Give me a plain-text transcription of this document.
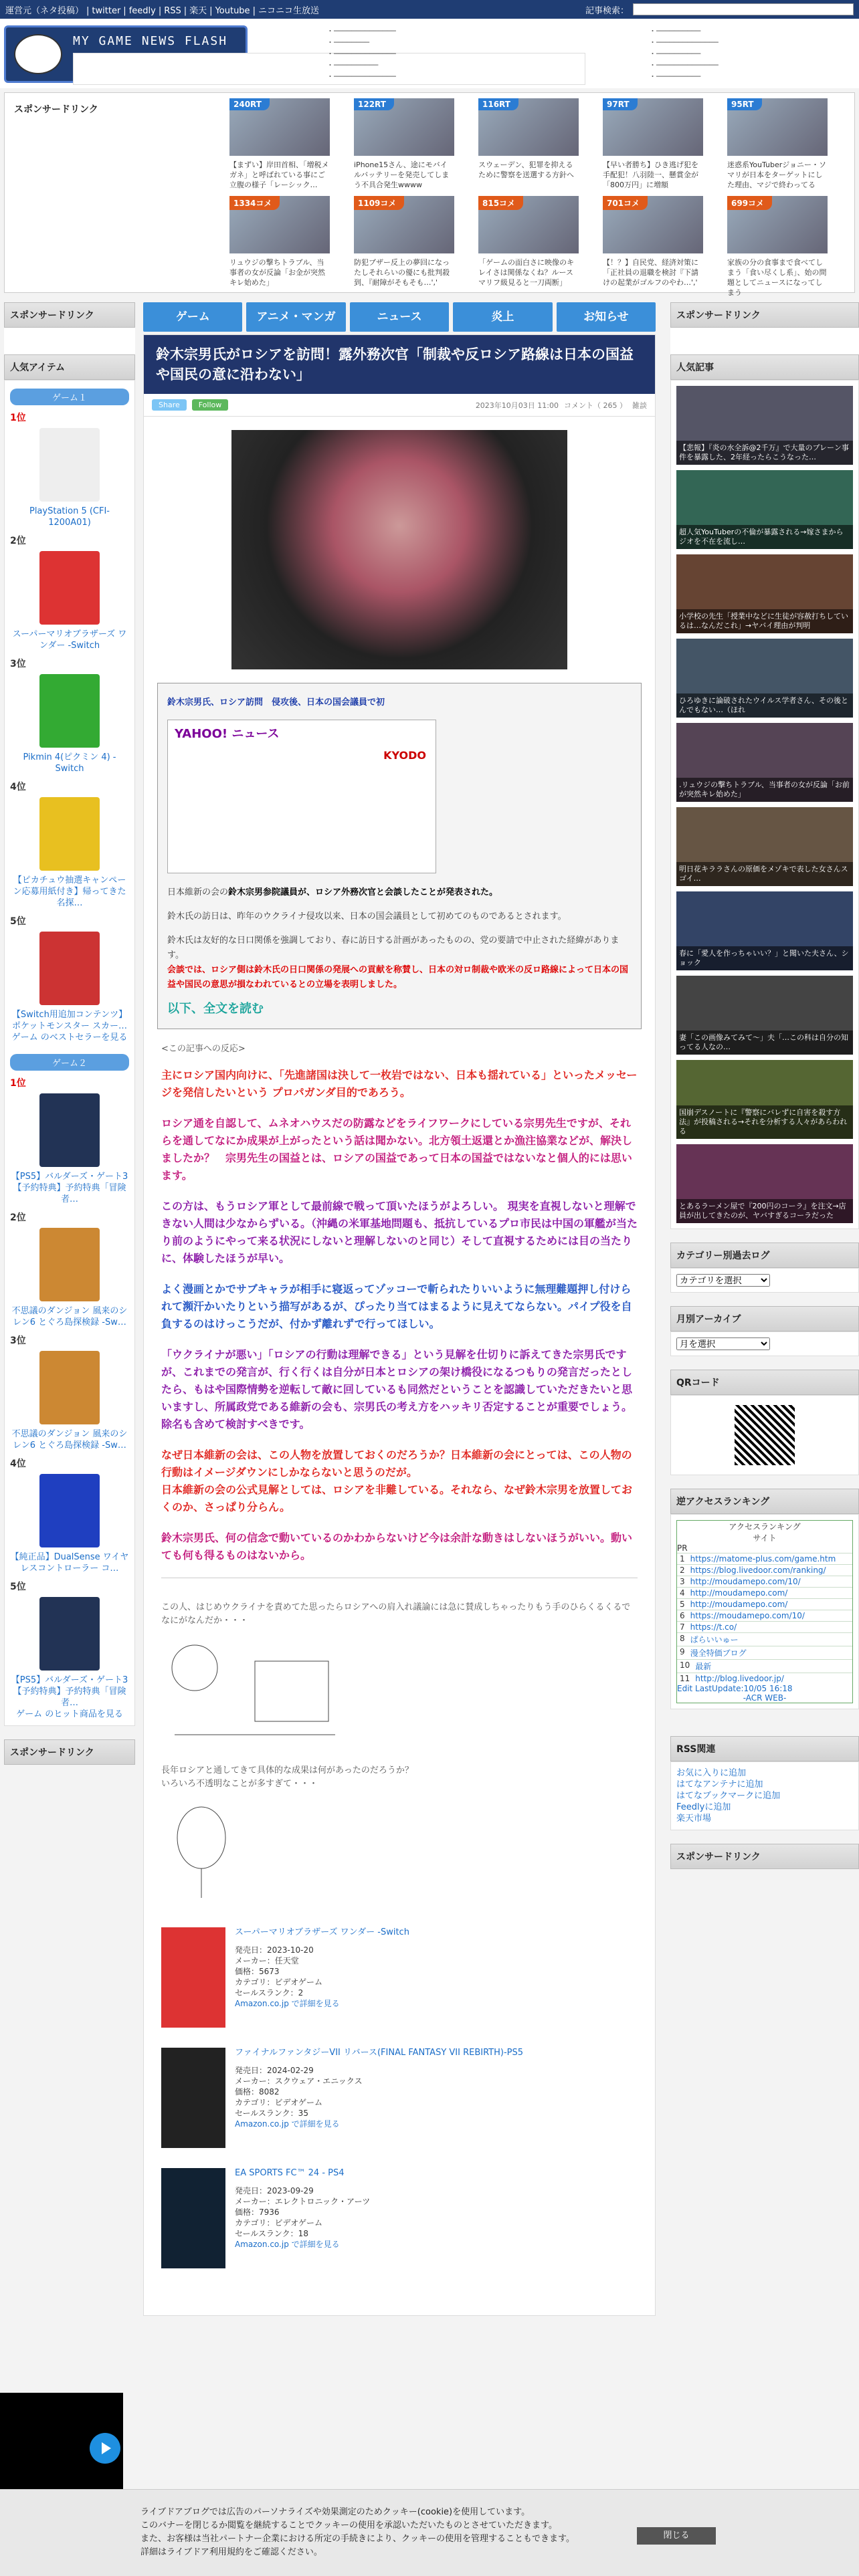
運営元（ネタ投稿） | twitter | feedly | RSS | 楽天 | Youtube | ニコニコ生放送	記事検索：
MY GAME NEWS FLASH
オレ的ゲーム速報@JIN
・──────────────
・────────
・──────────────
・──────────
・──────────────
・──────────
・──────────────
・──────────
・──────────────
・──────────
スポンサードリンク	240RT
【まずい】岸田首相、「増税メガネ」と呼ばれている事にご立腹の様子「レーシック…
122RT
iPhone15さん、途にモバイルバッテリーを発売してしまう不具合発生wwww
116RT
スウェーデン、犯罪を抑えるために警察を送選する方針へ
97RT
【早い者勝ち】ひき逃げ犯を手配犯！八羽陸一、懸賞金が「800万円」に増額
95RT
迷惑系YouTuberジョニー・ソマリが日本をターゲットにした理由、マジで終わってる
1334コメ
リュウジの撃ちトラブル、当事者の女が反論「お金が突然キレ始めた」
1109コメ
防犯ブザー反上の夢回になったしそれらいの優にも批判殺到、『耐障がそもそも…','
815コメ
「ゲームの面白さに映像のキレイさは関係なくね？ルースマリフ級見ると一刀両断」
701コメ
【！？】自民党、経済対策に「正社員の退職を検討『下請けの起業がゴルフのやわ…','
699コメ
家族の分の食事まで食べてしまう「食い尽くし系」、始の問題としてニュースになってしまう
ゲーム	アニメ・マンガ	ニュース	炎上	お知らせ
スポンサードリンク
人気アイテム
ゲーム１
1位
PlayStation 5 (CFI-1200A01)
2位
スーパーマリオブラザーズ ワンダー -Switch
3位
Pikmin 4(ピクミン 4) -Switch
4位
【ピカチュウ抽選キャンペーン応募用紙付き】帰ってきた名探…
5位
【Switch用追加コンテンツ】ポケットモンスター スカー…
ゲーム のベストセラーを見る
ゲーム２
1位
【PS5】バルダーズ・ゲート3【予約特典】予約特典「冒険者…
2位
不思議のダンジョン 風来のシレン6 とぐろ島探検録 -Sw…
3位
不思議のダンジョン 風来のシレン6 とぐろ島探検録 -Sw…
4位
【純正品】DualSense ワイヤレスコントローラー コ…
5位
【PS5】バルダーズ・ゲート3【予約特典】予約特典「冒険者…
ゲーム のヒット商品を見る
スポンサードリンク
鈴木宗男氏がロシアを訪問！露外務次官「制裁や反ロシア路線は日本の国益や国民の意に沿わない」
Share	Follow	2023年10月03日 11:00 コメント（ 265 ） 雑談
鈴木宗男氏、ロシア訪問　侵攻後、日本の国会議員で初
YAHOO! ニュース
KYODO

日本維新の会の鈴木宗男参院議員が、ロシア外務次官と会談したことが発表された。

鈴木氏の訪日は、昨年のウクライナ侵攻以来、日本の国会議員として初めてのものであるとされます。

鈴木氏は友好的な日口関係を強調しており、春に訪日する計画があったものの、党の要請で中止された経緯があります。

会談では、ロシア側は鈴木氏の日口関係の発展への貢献を称賛し、日本の対ロ制裁や欧米の反ロ路線によって日本の国益や国民の意思が損なわれているとの立場を表明しました。

以下、全文を読む
<この記事への反応>

主にロシア国内向けに、「先進諸国は決して一枚岩ではない、日本も揺れている」といったメッセージを発信したいという プロパガンダ目的であろう。

ロシア通を自認して、ムネオハウスだの防露などをライフワークにしている宗男先生ですが、それらを通してなにか成果が上がったという話は聞かない。北方領土返還とか漁注協業などが、解決しましたか？　宗男先生の国益とは、ロシアの国益であって日本の国益ではないなと個人的には思います。

この方は、もうロシア軍として最前線で戦って頂いたほうがよろしい。 現実を直視しないと理解できない人間は少なからずいる。（沖縄の米軍基地問題も、抵抗しているプロ市民は中国の軍艦が当たり前のようにやって来る状況にしないと理解しないのと同じ）そして直視するためには目の当たりに、体験したほうが早い。

よく漫画とかでサブキャラが相手に寝返ってゾッコーで斬られたりいいように無理難題押し付けられて瀕汗かいたりという描写があるが、ぴったり当てはまるように見えてならない。パイプ役を自負するのはけっこうだが、付かず離れずで行ってほしい。

「ウクライナが悪い」「ロシアの行動は理解できる」という見解を仕切りに訴えてきた宗男氏ですが、これまでの発言が、行く行くは自分が日本とロシアの架け橋役になるつもりの発言だったとしたら、もはや国際情勢を逆転して敵に回しているも同然だということを認識していただきたいと思いますし、所属政党である維新の会も、宗男氏の考え方をハッキリ否定することが重要でしょう。除名も含めて検討すべきです。

なぜ日本維新の会は、この人物を放置しておくのだろうか？日本維新の会にとっては、この人物の行動はイメージダウンにしかならないと思うのだが。
日本維新の会の公式見解としては、ロシアを非難している。それなら、なぜ鈴木宗男を放置しておくのか、さっぱり分らん。

鈴木宗男氏、何の信念で動いているのかわからないけど今は余計な動きはしないほうがいい。動いても何も得るものはないから。

この人、はじめウクライナを責めてた思ったらロシアへの肩入れ議論には急に賛成しちゃったりもう手のひらくるくるでなにがなんだか・・・
長年ロシアと通してきて具体的な成果は何があったのだろうか？
いろいろ不透明なことが多すぎて・・・
スーパーマリオブラザーズ ワンダー -Switch
発売日：2023-10-20
メーカー：任天堂
価格：5673
カテゴリ：ビデオゲーム
セールスランク：2
Amazon.co.jp で詳細を見る
ファイナルファンタジーVII リバース(FINAL FANTASY VII REBIRTH)-PS5
発売日：2024-02-29
メーカー：スクウェア・エニックス
価格：8082
カテゴリ：ビデオゲーム
セールスランク：35
Amazon.co.jp で詳細を見る
EA SPORTS FC™ 24 - PS4
発売日：2023-09-29
メーカー：エレクトロニック・アーツ
価格：7936
カテゴリ：ビデオゲーム
セールスランク：18
Amazon.co.jp で詳細を見る
スポンサードリンク
人気記事
【悲報】『炎の水全訴@2千万』で大量のプレーン事件を暴露した、2年経ったらこうなった…
超人気YouTuberの不倫が暴露される→嫁さまからジオを不在を流し…
小学校の先生「授業中などに生徒が容赦打ちしているは…なんだこれ」→ヤバイ理由が判明
ひろゆきに論破されたウイルス学者さん、その後とんでもない…（ほれ
.リュウジの撃ちトラブル、当事者の女が反論「お前が突然キレ始めた」
明日花キララさんの原価をメゾキで表した女さんスゴイ…
春に「愛人を作っちゃいい？」と聞いた夫さん、ショック
妻「この画像みてみて～」夫「…この科は自分の知ってる人なの…
国崩デスノートに『警察にバレずに自害を殺す方法』が投稿される→それを分析する人々があらわれる
とあるラーメン屋で『200円のコーラ』を注文→店員が出してきたのが、ヤバすぎるコーラだった
カテゴリー別過去ログ
カテゴリを選択
月別アーカイブ
月を選択
QRコード
逆アクセスランキング
アクセスランキング
サイト
PR
1 https://matome-plus.com/game.htm
2 https://blog.livedoor.com/ranking/
3 http://moudamepo.com/10/
4 http://moudamepo.com/
5 http://moudamepo.com/
6 https://moudamepo.com/10/
7 https://t.co/
8 ぱらいいゅー
9 漫全特価ブログ
10 最新
11 http://blog.livedoor.jp/
Edit LastUpdate:10/05 16:18
-ACR WEB-
RSS関連
お気に入りに追加
はてなアンテナに追加
はてなブックマークに追加
Feedlyに追加
楽天市場
スポンサードリンク
ライブドアブログでは広告のパーソナライズや効果測定のためクッキー(cookie)を使用しています。
このバナーを閉じるか閲覧を継続することでクッキーの使用を承認いただいたものとさせていただきます。
また、お客様は当社パートナー企業における所定の手続きにより、クッキーの使用を管理することもできます。
詳細はライブドア利用規約をご確認ください。
閉じる
